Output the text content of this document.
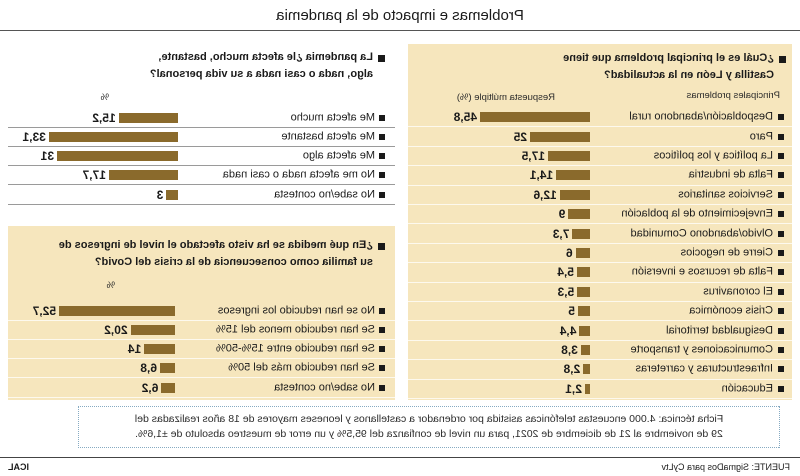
Problemas e impacto de la pandemia
¿Cuál es el principal problema que tiene
Castilla y León en la actualidad?
Principales problemas
Respuesta múltiple (%)
Despoblación/abandono rural
45,8
Paro
25
La política y los políticos
17,5
Falta de industria
14,1
Servicios sanitarios
12,6
Envejecimiento de la población
9
Olvido/abandono Comunidad
7,3
Cierre de negocios
6
Falta de recursos e inversión
5,4
El coronavirus
5,3
Crisis económica
5
Desigualdad territorial
4,4
Comunicaciones y transporte
3,8
Infraestructuras y carreteras
2,8
Educación
2,1
La pandemia ¿le afecta mucho, bastante,
algo, nada o casi nada a su vida personal?
%
Me afecta mucho
15,2
Me afecta bastante
33,1
Me afecta algo
31
No me afecta nada o casi nada
17,7
No sabe/no contesta
3
¿En qué medida se ha visto afectado el nivel de ingresos de
su familia como consecuencia de la crisis del Covid?
%
No se han reducido los ingresos
52,7
Se han reducido menos del 15%
20,2
Se han reducido entre 15%-50%
14
Se han reducido más del 50%
6,8
No sabe/no contesta
6,2
Ficha técnica: 4.000 encuestas telefónicas asistida por ordenador a castellanos y leoneses mayores de 18 años realizadas del
29 de noviembre al 21 de diciembre de 2021, para un nivel de confianza del 95,5% y un error de muestreo absoluto de ±1,6%.
FUENTE: SigmaDos para CyLtv
ICAL
